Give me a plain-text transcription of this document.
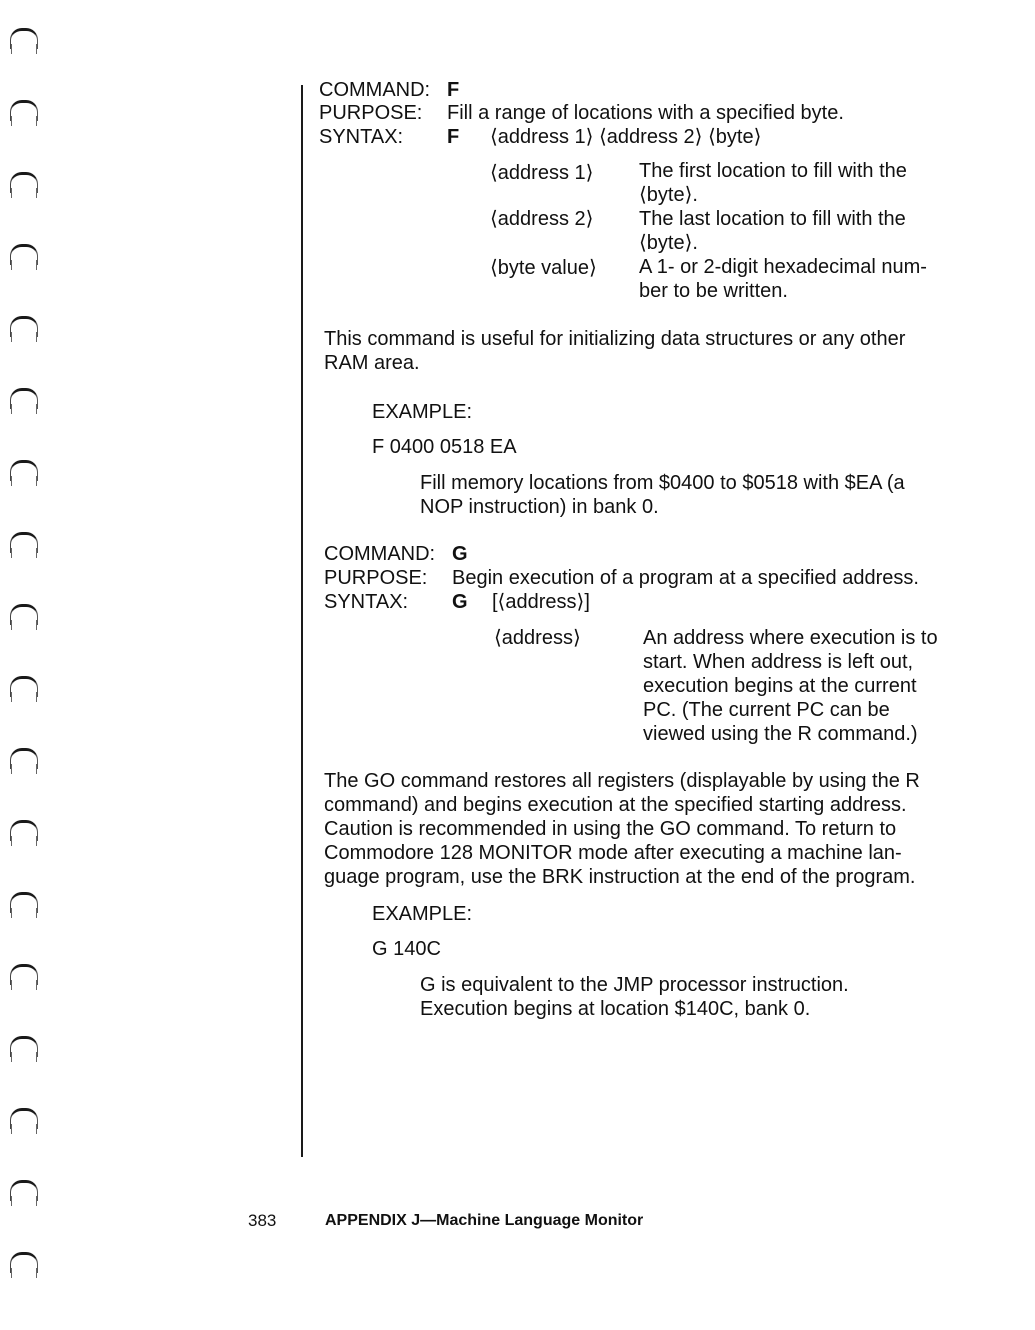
COMMAND: F
PURPOSE: Fill a range of locations with a specified byte.
SYNTAX: F ⟨address 1⟩ ⟨address 2⟩ ⟨byte⟩
⟨address 1⟩ The first location to fill with the
⟨byte⟩.
⟨address 2⟩ The last location to fill with the
⟨byte⟩.
⟨byte value⟩ A 1- or 2-digit hexadecimal num-
ber to be written.
This command is useful for initializing data structures or any other
RAM area.
EXAMPLE:
F 0400 0518 EA
Fill memory locations from $0400 to $0518 with $EA (a
NOP instruction) in bank 0.
COMMAND: G
PURPOSE: Begin execution of a program at a specified address.
SYNTAX: G [⟨address⟩]
⟨address⟩	An address where execution is to
start. When address is left out,
execution begins at the current
PC. (The current PC can be
viewed using the R command.)
The GO command restores all registers (displayable by using the R
command) and begins execution at the specified starting address.
Caution is recommended in using the GO command. To return to
Commodore 128 MONITOR mode after executing a machine lan-
guage program, use the BRK instruction at the end of the program.
EXAMPLE:
G 140C
G is equivalent to the JMP processor instruction.
Execution begins at location $140C, bank 0.
383	APPENDIX J—Machine Language Monitor
